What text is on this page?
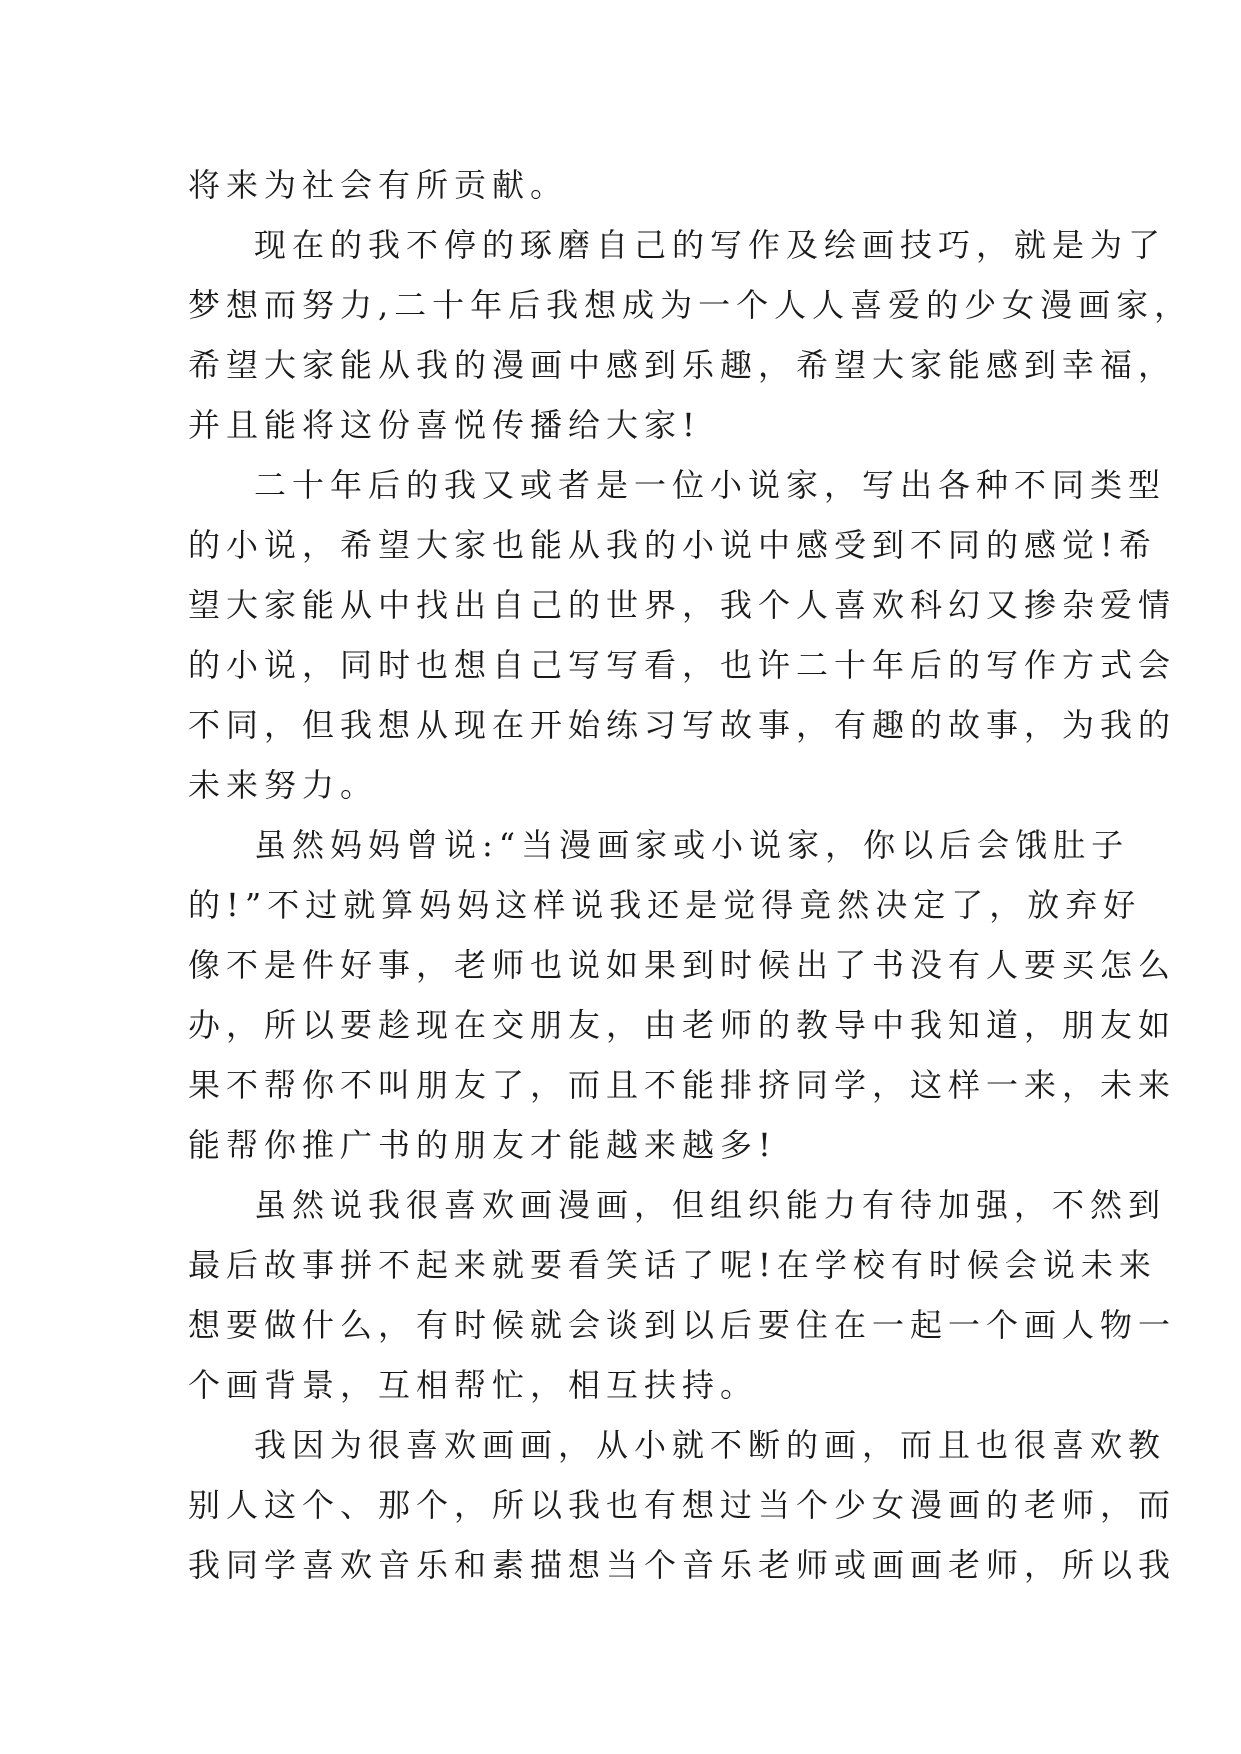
将来为社会有所贡献。
现在的我不停的琢磨自己的写作及绘画技巧，就是为了
梦想而努力,二十年后我想成为一个人人喜爱的少女漫画家，
希望大家能从我的漫画中感到乐趣，希望大家能感到幸福，
并且能将这份喜悦传播给大家!
二十年后的我又或者是一位小说家，写出各种不同类型
的小说，希望大家也能从我的小说中感受到不同的感觉!希
望大家能从中找出自己的世界，我个人喜欢科幻又掺杂爱情
的小说，同时也想自己写写看，也许二十年后的写作方式会
不同，但我想从现在开始练习写故事，有趣的故事，为我的
未来努力。
虽然妈妈曾说:“当漫画家或小说家，你以后会饿肚子
的!”不过就算妈妈这样说我还是觉得竟然决定了，放弃好
像不是件好事，老师也说如果到时候出了书没有人要买怎么
办，所以要趁现在交朋友，由老师的教导中我知道，朋友如
果不帮你不叫朋友了，而且不能排挤同学，这样一来，未来
能帮你推广书的朋友才能越来越多!
虽然说我很喜欢画漫画，但组织能力有待加强，不然到
最后故事拼不起来就要看笑话了呢!在学校有时候会说未来
想要做什么，有时候就会谈到以后要住在一起一个画人物一
个画背景，互相帮忙，相互扶持。
我因为很喜欢画画，从小就不断的画，而且也很喜欢教
别人这个、那个，所以我也有想过当个少女漫画的老师，而
我同学喜欢音乐和素描想当个音乐老师或画画老师，所以我
